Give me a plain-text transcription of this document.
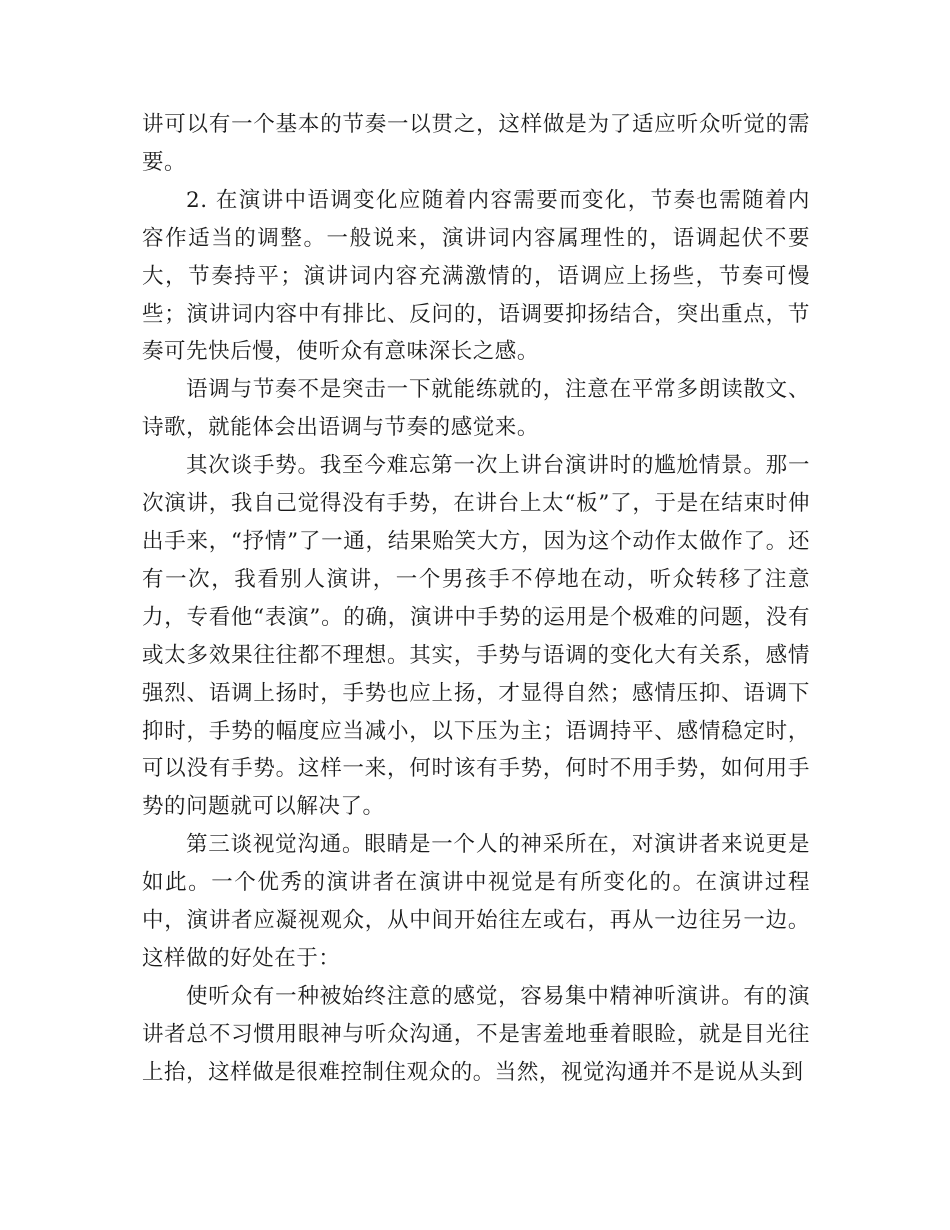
讲可以有一个基本的节奏一以贯之，这样做是为了适应听众听觉的需要。

2. 在演讲中语调变化应随着内容需要而变化，节奏也需随着内容作适当的调整。一般说来，演讲词内容属理性的，语调起伏不要大，节奏持平；演讲词内容充满激情的，语调应上扬些，节奏可慢些；演讲词内容中有排比、反问的，语调要抑扬结合，突出重点，节奏可先快后慢，使听众有意味深长之感。

语调与节奏不是突击一下就能练就的，注意在平常多朗读散文、诗歌，就能体会出语调与节奏的感觉来。

其次谈手势。我至今难忘第一次上讲台演讲时的尴尬情景。那一次演讲，我自己觉得没有手势，在讲台上太“板”了，于是在结束时伸出手来，“抒情”了一通，结果贻笑大方，因为这个动作太做作了。还有一次，我看别人演讲，一个男孩手不停地在动，听众转移了注意力，专看他“表演”。的确，演讲中手势的运用是个极难的问题，没有或太多效果往往都不理想。其实，手势与语调的变化大有关系，感情强烈、语调上扬时，手势也应上扬，才显得自然；感情压抑、语调下抑时，手势的幅度应当减小，以下压为主；语调持平、感情稳定时，可以没有手势。这样一来，何时该有手势，何时不用手势，如何用手势的问题就可以解决了。

第三谈视觉沟通。眼睛是一个人的神采所在，对演讲者来说更是如此。一个优秀的演讲者在演讲中视觉是有所变化的。在演讲过程中，演讲者应凝视观众，从中间开始往左或右，再从一边往另一边。这样做的好处在于：

使听众有一种被始终注意的感觉，容易集中精神听演讲。有的演讲者总不习惯用眼神与听众沟通，不是害羞地垂着眼睑，就是目光往上抬，这样做是很难控制住观众的。当然，视觉沟通并不是说从头到
